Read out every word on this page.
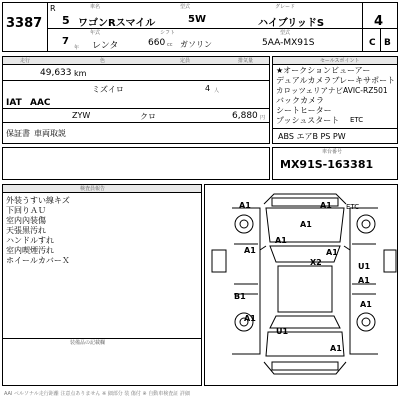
3387
R
5
7
年
車名
ワゴンRスマイル
型式
5W
グレード
ハイブリッドS	4
年式	シフト	型式
レンタ	660 cc ガソリン	5AA-MX91S	C B
走行	色	定員	排気量
49,633 km
ミズイロ	4 人
IAT AAC
ZYW	クロ	6,880 円
保証書 車両取説
セールスポイント
★オークションビューアー
デュアルカメラブレーキサポート
カロッツェリアナビAVIC-RZ501
バックカメラ
シートヒーター
プッシュスタート ETC
ABS エアB PS PW
車台番号
MX91S-163381
検査員報告
外装うすい線キズ
下回りＡＵ
室内內装傷
天張黒汚れ
ハンドルすれ
室内喫煙汚れ
ホイールカバーＸ
装備品の記載欄
A1	A1 ETC
A1
A1
A1
X2
A1
U1
A1
B1
A1
A1
U1
A1
AAI ペルソナル走行距離 注意点ありません ※ 細部分 装 傷付 ※ 自動車検査証 詳細
